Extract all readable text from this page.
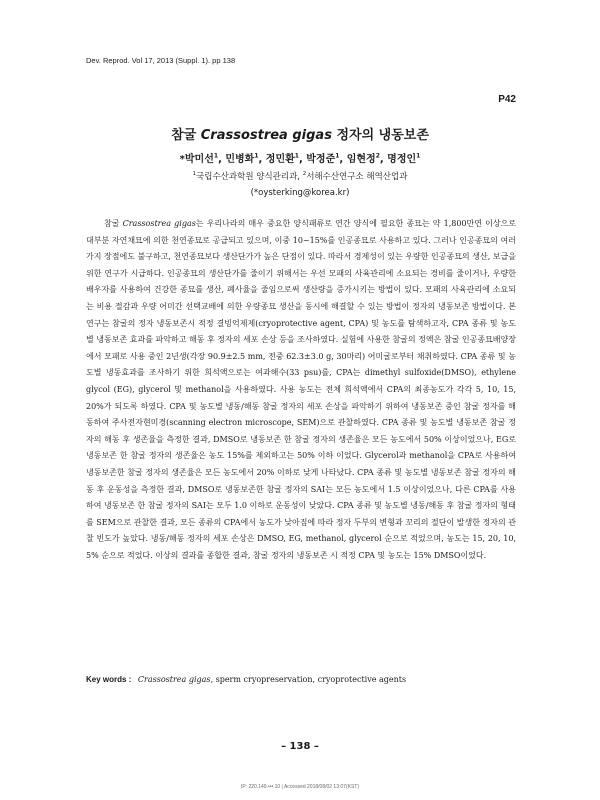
Dev. Reprod. Vol 17, 2013 (Suppl. 1). pp 138
P42
참굴 Crassostrea gigas 정자의 냉동보존
*박미선$^1$, 민병화$^1$, 정민환$^1$, 박정준$^1$, 임현정$^2$, 명정인$^1$
$^1$국립수산과학원 양식관리과, $^2$서해수산연구소 해역산업과
(*oysterking@korea.kr)

참굴 Crassostrea gigas는 우리나라의 매우 중요한 양식패류로 연간 양식에 필요한 종묘는 약 1,800만연 이상으로 대부분 자연채묘에 의한 천연종묘로 공급되고 있으며, 이중 10~15%를 인공종묘로 사용하고 있다. 그러나 인공종묘의 여러 가지 장점에도 불구하고, 천연종묘보다 생산단가가 높은 단점이 있다. 따라서 경제성이 있는 우량한 인공종묘의 생산, 보급을 위한 연구가 시급하다. 인공종묘의 생산단가를 줄이기 위해서는 우선 모패의 사육관리에 소요되는 경비를 줄이거나, 우량한 배우자를 사용하여 건강한 종묘를 생산, 폐사율을 줄임으로써 생산량을 증가시키는 방법이 있다. 모패의 사육관리에 소요되는 비용 절감과 우량 어미간 선택교배에 의한 우량종묘 생산을 동시에 해결할 수 있는 방법이 정자의 냉동보존 방법이다. 본 연구는 참굴의 정자 냉동보존시 적정 결빙억제제(cryoprotective agent, CPA) 및 농도를 탐색하고자, CPA 종류 및 농도별 냉동보존 효과를 파악하고 해동 후 정자의 세포 손상 등을 조사하였다. 실험에 사용한 참굴의 정액은 참굴 인공종묘배양장에서 모패로 사용 중인 2년생(각장 90.9±2.5 mm, 전중 62.3±3.0 g, 30마리) 어미굴로부터 채취하였다. CPA 종류 및 농도별 냉동효과를 조사하기 위한 희석액으로는 여과해수(33 psu)를, CPA는 dimethyl sulfoxide(DMSO), ethylene glycol (EG), glycerol 및 methanol을 사용하였다. 사용 농도는 전체 희석액에서 CPA의 최종농도가 각각 5, 10, 15, 20%가 되도록 하였다. CPA 및 농도별 냉동/해동 참굴 정자의 세포 손상을 파악하기 위하여 냉동보존 중인 참굴 정자를 해동하여 주사전자현미경(scanning electron microscope, SEM)으로 관찰하였다. CPA 종류 및 농도별 냉동보존 참굴 정자의 해동 후 생존율을 측정한 결과, DMSO로 냉동보존 한 참굴 정자의 생존율은 모든 농도에서 50% 이상이었으나, EG로 냉동보존 한 참굴 정자의 생존율은 농도 15%를 제외하고는 50% 이하 이었다. Glycerol과 methanol을 CPA로 사용하여 냉동보존한 참굴 정자의 생존율은 모든 농도에서 20% 이하로 낮게 나타났다. CPA 종류 및 농도별 냉동보존 참굴 정자의 해동 후 운동성을 측정한 결과, DMSO로 냉동보존한 참굴 정자의 SAI는 모든 농도에서 1.5 이상이었으나, 다른 CPA를 사용하여 냉동보존 한 참굴 정자의 SAI는 모두 1.0 이하로 운동성이 낮았다. CPA 종류 및 농도별 냉동/해동 후 참굴 정자의 형태를 SEM으로 관찰한 결과, 모든 종류의 CPA에서 농도가 낮아짐에 따라 정자 두부의 변형과 꼬리의 절단이 발생한 정자의 관찰 빈도가 높았다. 냉동/해동 정자의 세포 손상은 DMSO, EG, methanol, glycerol 순으로 적었으며, 농도는 15, 20, 10, 5% 순으로 적었다. 이상의 결과를 종합한 결과, 참굴 정자의 냉동보존 시 적정 CPA 및 농도는 15% DMSO이었다.

Key words : Crassostrea gigas, sperm cryopreservation, cryoprotective agents
– 138 –
IP: 220.149.•••.10 | Accessed 2018/08/02 13:07(KST)
